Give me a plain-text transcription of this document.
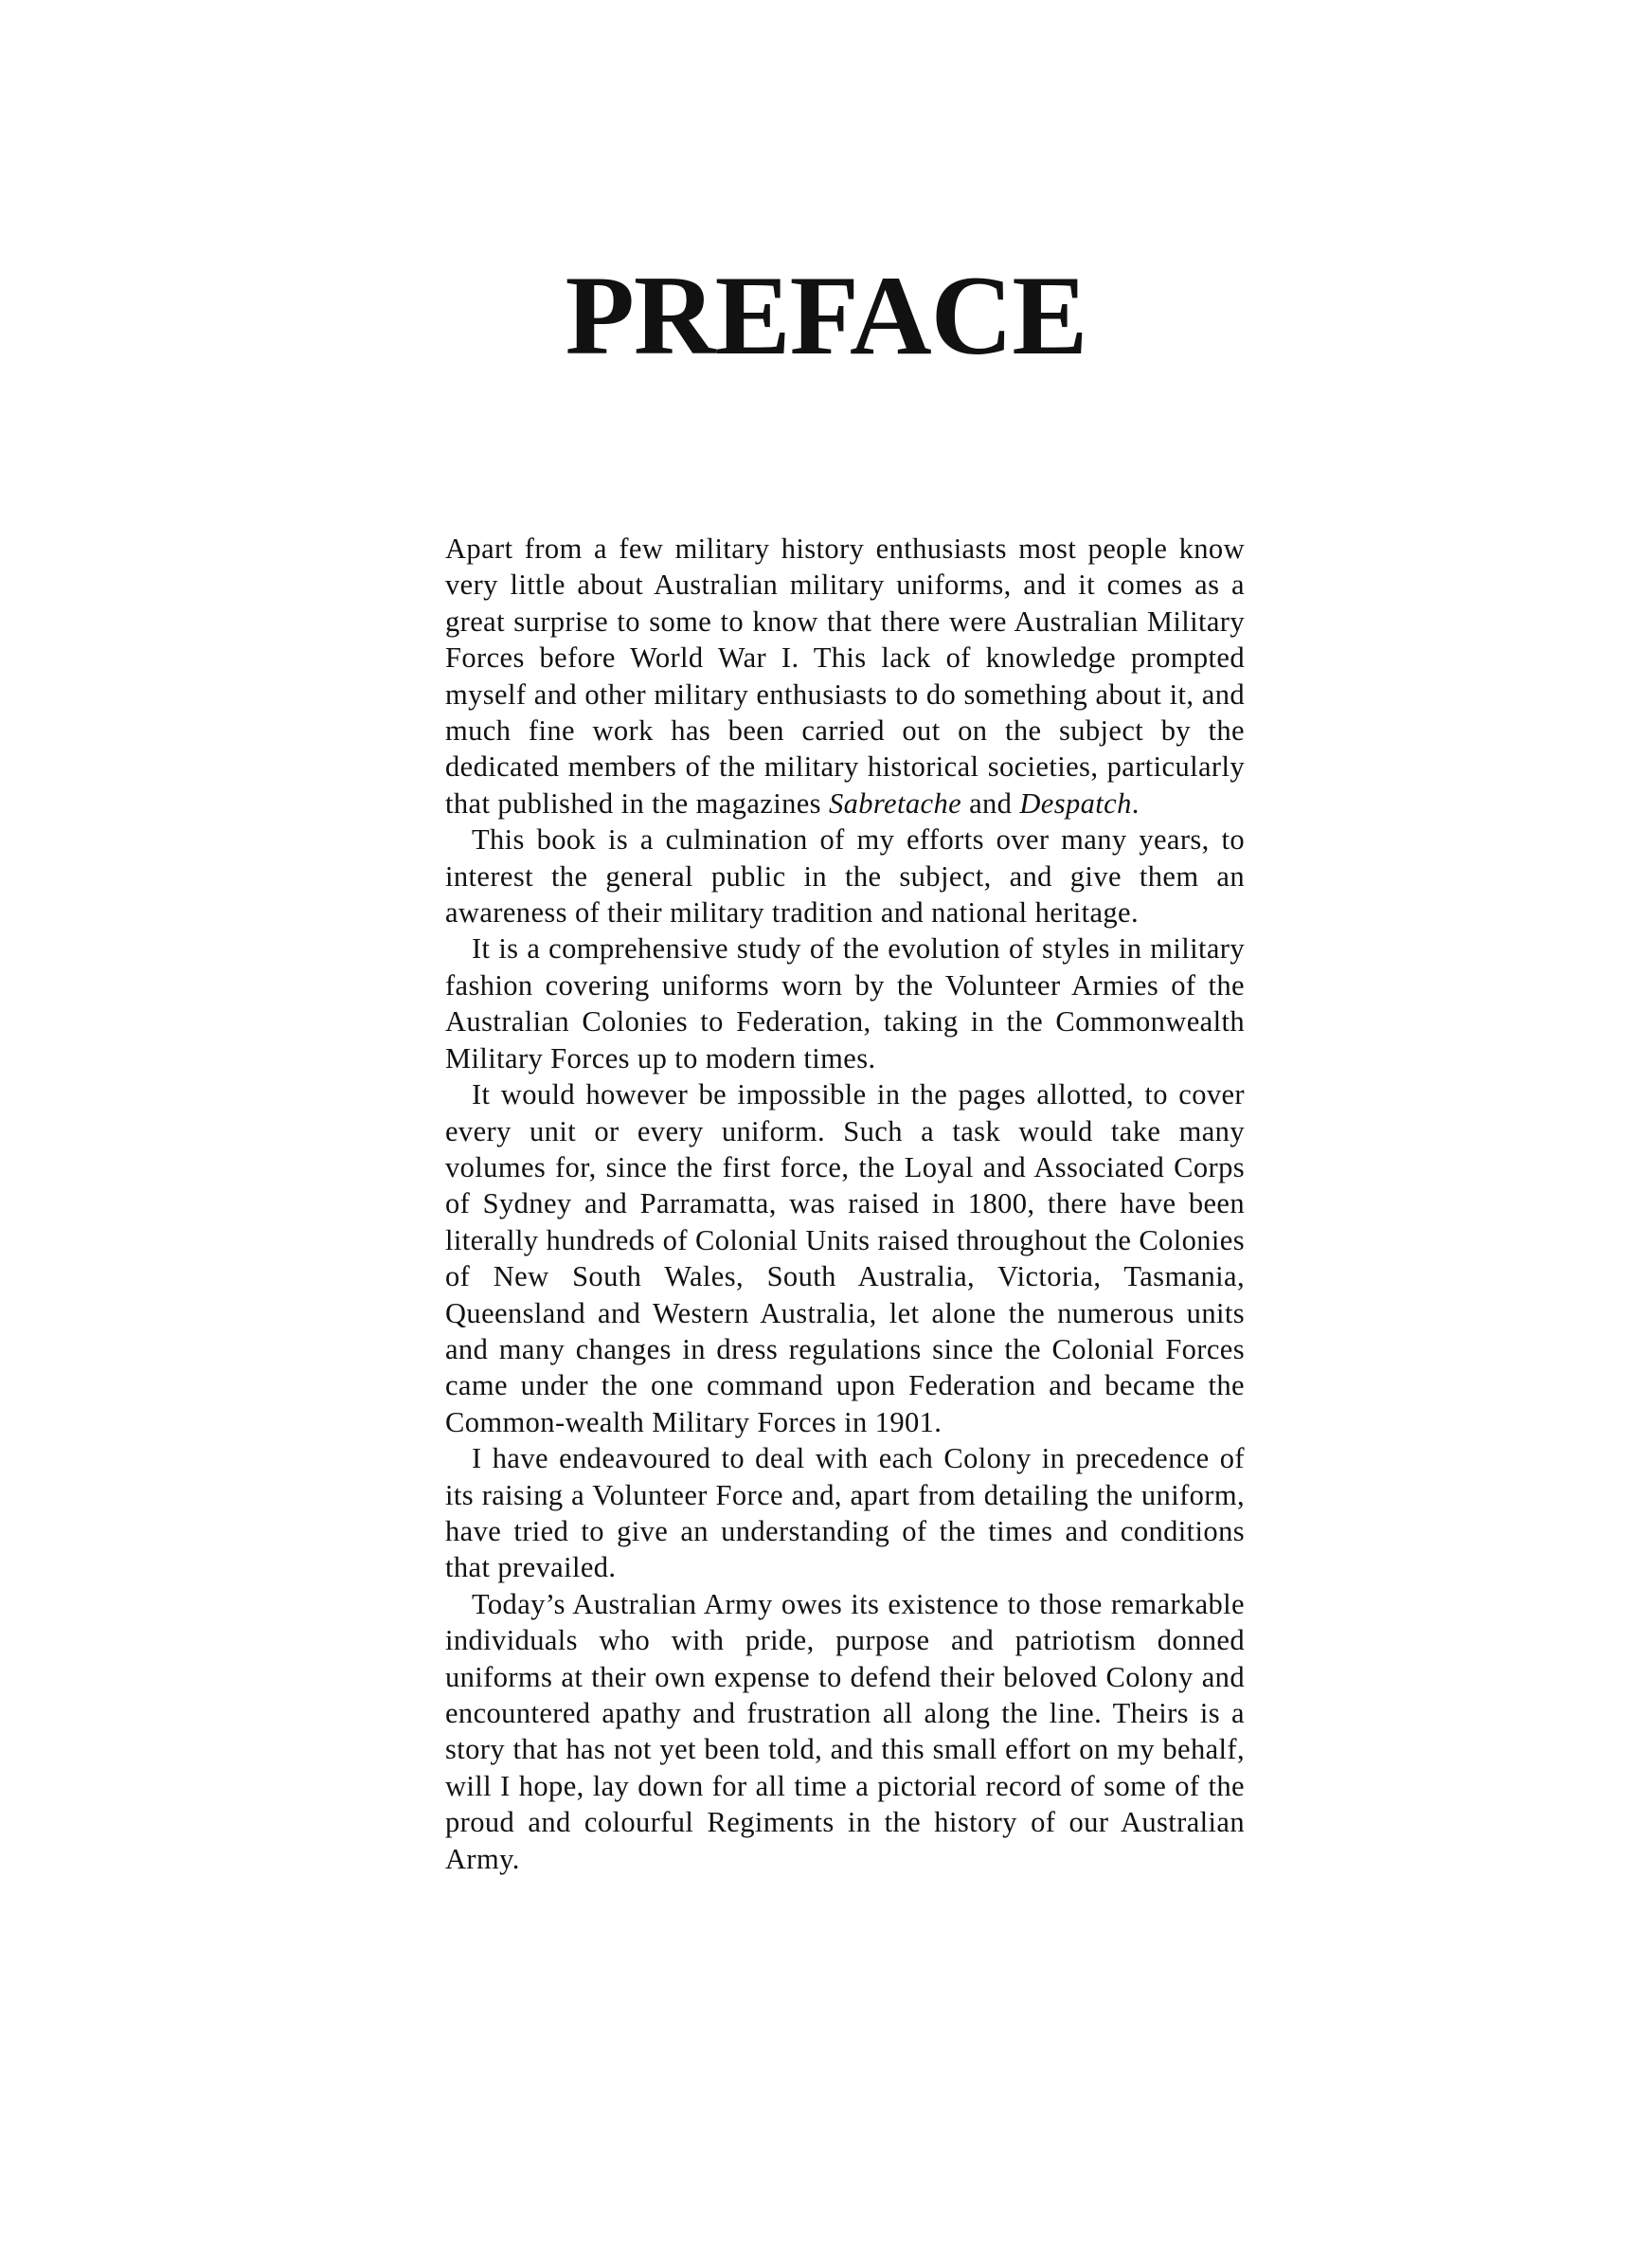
PREFACE

Apart from a few military history enthusiasts most people know very little about Australian military uniforms, and it comes as a great surprise to some to know that there were Australian Military Forces before World War I. This lack of knowledge prompted myself and other military enthusiasts to do something about it, and much fine work has been carried out on the subject by the dedicated members of the military historical societies, particularly that published in the magazines Sabretache and Despatch.

This book is a culmination of my efforts over many years, to interest the general public in the subject, and give them an awareness of their military tradition and national heritage.

It is a comprehensive study of the evolution of styles in military fashion covering uniforms worn by the Volunteer Armies of the Australian Colonies to Federation, taking in the Commonwealth Military Forces up to modern times.

It would however be impossible in the pages allotted, to cover every unit or every uniform. Such a task would take many volumes for, since the first force, the Loyal and Associated Corps of Sydney and Parramatta, was raised in 1800, there have been literally hundreds of Colonial Units raised throughout the Colonies of New South Wales, South Australia, Victoria, Tasmania, Queensland and Western Australia, let alone the numerous units and many changes in dress regulations since the Colonial Forces came under the one command upon Federation and became the Common-wealth Military Forces in 1901.

I have endeavoured to deal with each Colony in precedence of its raising a Volunteer Force and, apart from detailing the uniform, have tried to give an understanding of the times and conditions that prevailed.

Today’s Australian Army owes its existence to those remarkable individuals who with pride, purpose and patriotism donned uniforms at their own expense to defend their beloved Colony and encountered apathy and frustration all along the line. Theirs is a story that has not yet been told, and this small effort on my behalf, will I hope, lay down for all time a pictorial record of some of the proud and colourful Regiments in the history of our Australian Army.
